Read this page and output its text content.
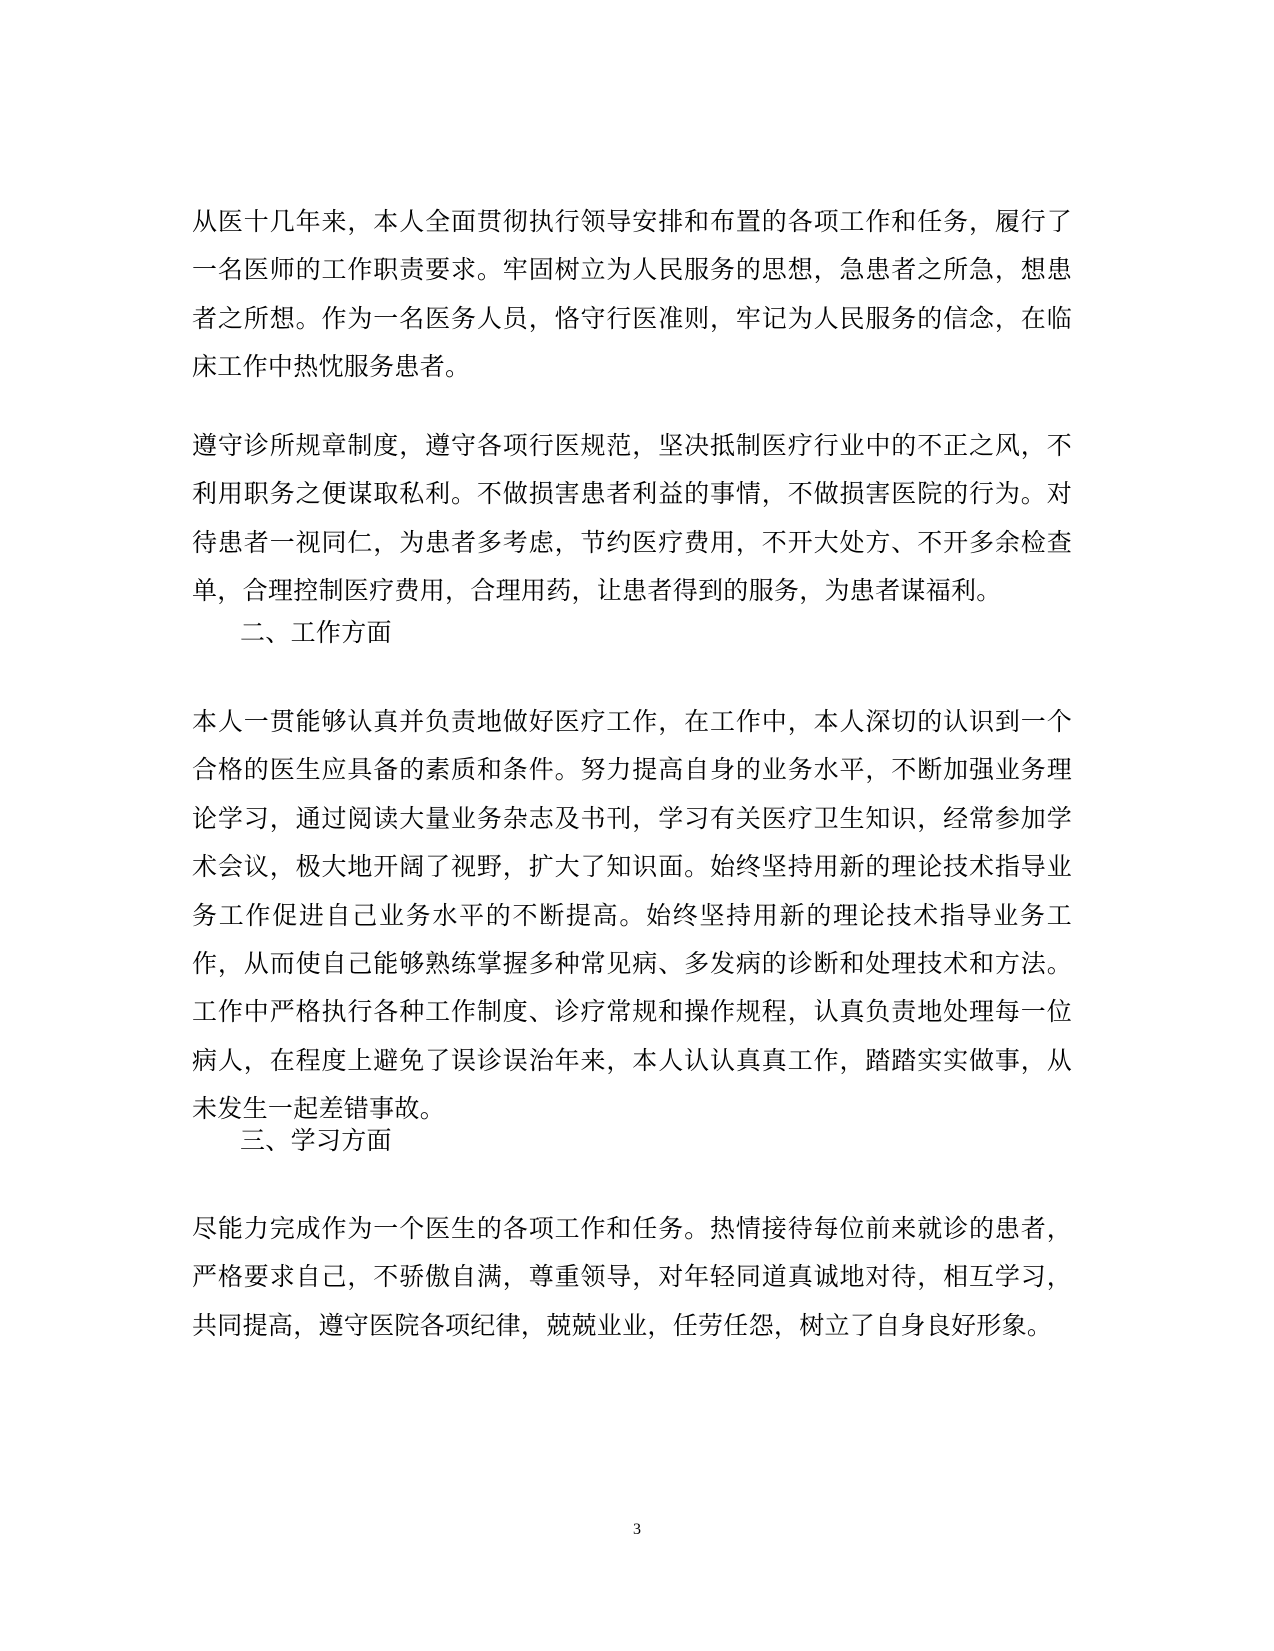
从医十几年来，本人全面贯彻执行领导安排和布置的各项工作和任务，履行了一名医师的工作职责要求。牢固树立为人民服务的思想，急患者之所急，想患者之所想。作为一名医务人员，恪守行医准则，牢记为人民服务的信念，在临床工作中热忱服务患者。

遵守诊所规章制度，遵守各项行医规范，坚决抵制医疗行业中的不正之风，不利用职务之便谋取私利。不做损害患者利益的事情，不做损害医院的行为。对待患者一视同仁，为患者多考虑，节约医疗费用，不开大处方、不开多余检查单，合理控制医疗费用，合理用药，让患者得到的服务，为患者谋福利。

二、工作方面

本人一贯能够认真并负责地做好医疗工作，在工作中，本人深切的认识到一个合格的医生应具备的素质和条件。努力提高自身的业务水平，不断加强业务理论学习，通过阅读大量业务杂志及书刊，学习有关医疗卫生知识，经常参加学术会议，极大地开阔了视野，扩大了知识面。始终坚持用新的理论技术指导业务工作促进自己业务水平的不断提高。始终坚持用新的理论技术指导业务工作，从而使自己能够熟练掌握多种常见病、多发病的诊断和处理技术和方法。工作中严格执行各种工作制度、诊疗常规和操作规程，认真负责地处理每一位病人，在程度上避免了误诊误治年来，本人认认真真工作，踏踏实实做事，从未发生一起差错事故。

三、学习方面

尽能力完成作为一个医生的各项工作和任务。热情接待每位前来就诊的患者，严格要求自己，不骄傲自满，尊重领导，对年轻同道真诚地对待，相互学习，共同提高，遵守医院各项纪律，兢兢业业，任劳任怨，树立了自身良好形象。

3
